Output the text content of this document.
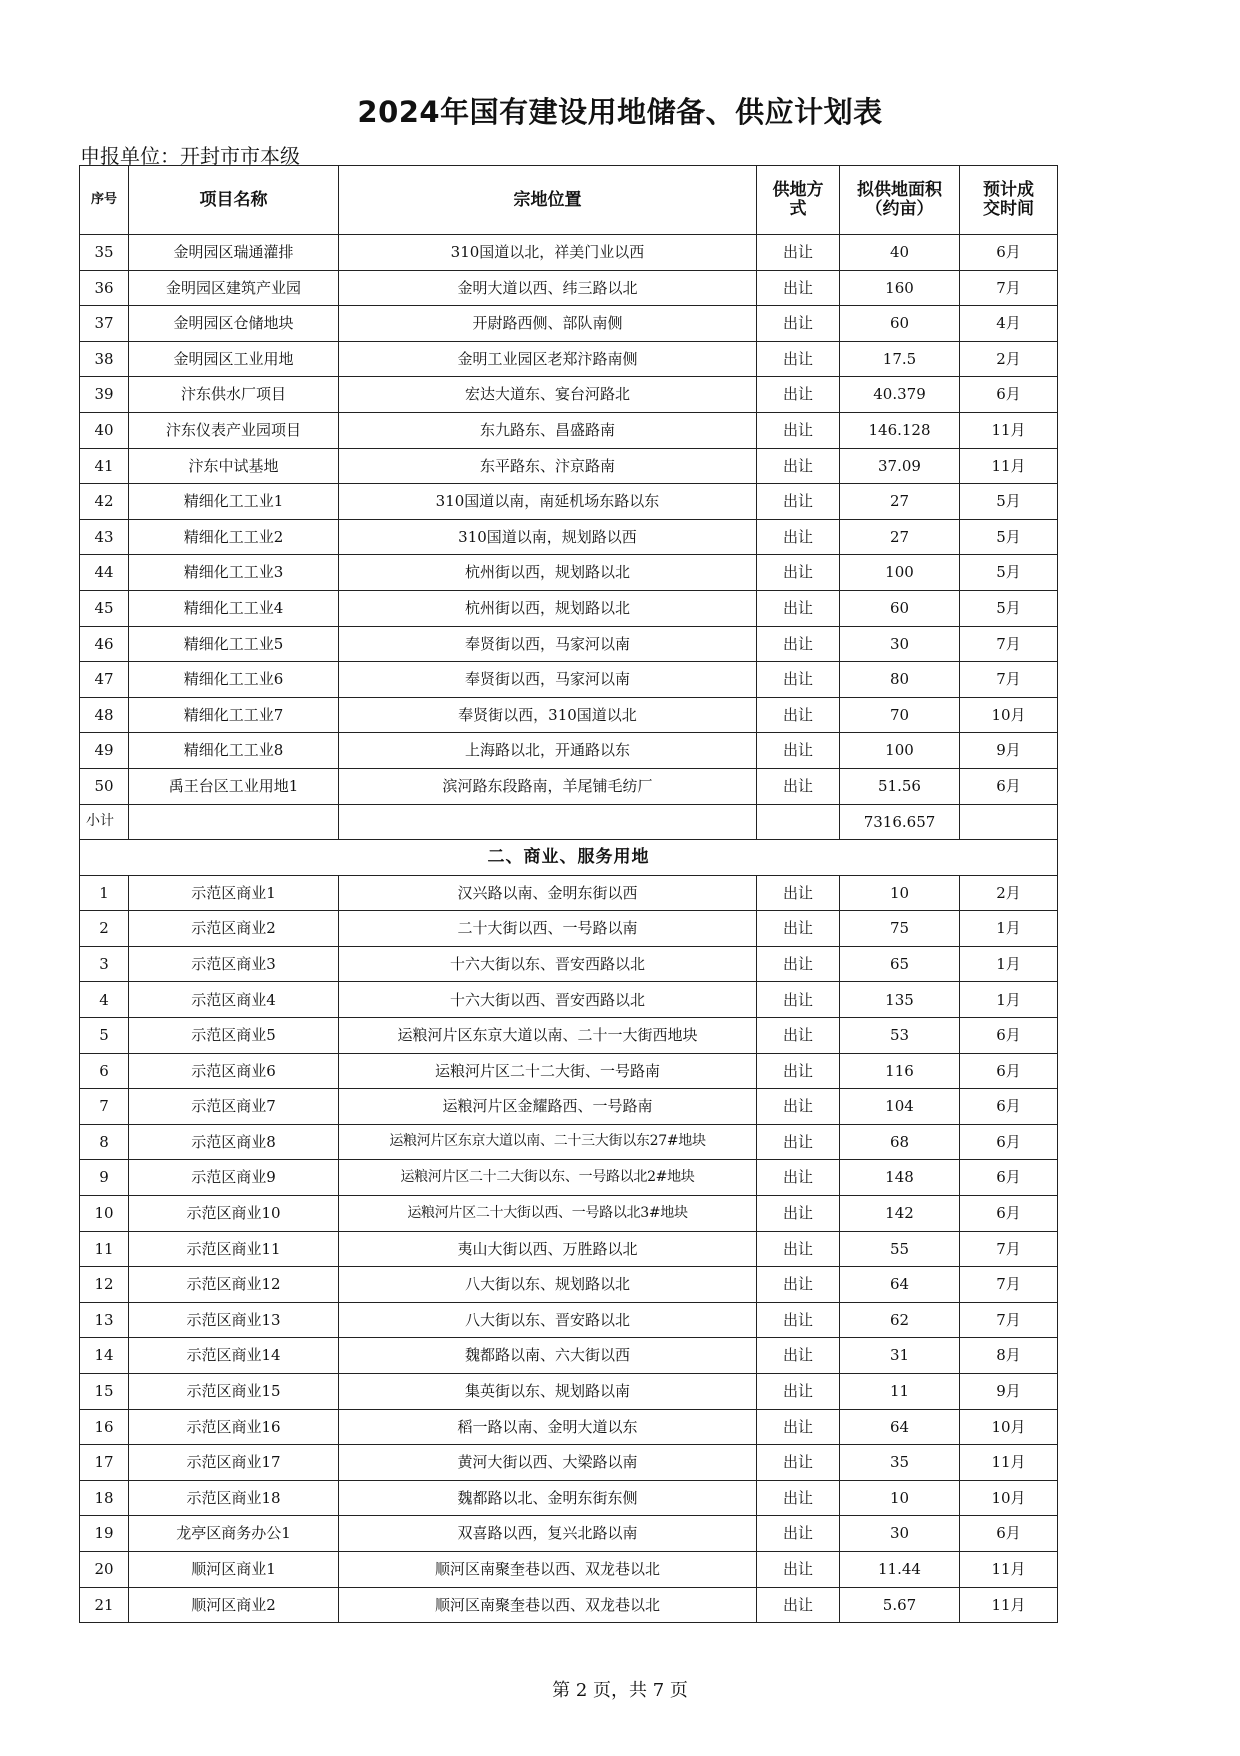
2024年国有建设用地储备、供应计划表
申报单位：开封市市本级
序号	项目名称	宗地位置	供地方式	拟供地面积（约亩）	预计成交时间
35	金明园区瑞通灌排	310国道以北，祥美门业以西	出让	40	6月
36	金明园区建筑产业园	金明大道以西、纬三路以北	出让	160	7月
37	金明园区仓储地块	开尉路西侧、部队南侧	出让	60	4月
38	金明园区工业用地	金明工业园区老郑汴路南侧	出让	17.5	2月
39	汴东供水厂项目	宏达大道东、宴台河路北	出让	40.379	6月
40	汴东仪表产业园项目	东九路东、昌盛路南	出让	146.128	11月
41	汴东中试基地	东平路东、汴京路南	出让	37.09	11月
42	精细化工工业1	310国道以南，南延机场东路以东	出让	27	5月
43	精细化工工业2	310国道以南，规划路以西	出让	27	5月
44	精细化工工业3	杭州街以西，规划路以北	出让	100	5月
45	精细化工工业4	杭州街以西，规划路以北	出让	60	5月
46	精细化工工业5	奉贤街以西，马家河以南	出让	30	7月
47	精细化工工业6	奉贤街以西，马家河以南	出让	80	7月
48	精细化工工业7	奉贤街以西，310国道以北	出让	70	10月
49	精细化工工业8	上海路以北，开通路以东	出让	100	9月
50	禹王台区工业用地1	滨河路东段路南，羊尾铺毛纺厂	出让	51.56	6月
小计				7316.657	
二、商业、服务用地					
1	示范区商业1	汉兴路以南、金明东街以西	出让	10	2月
2	示范区商业2	二十大街以西、一号路以南	出让	75	1月
3	示范区商业3	十六大街以东、晋安西路以北	出让	65	1月
4	示范区商业4	十六大街以西、晋安西路以北	出让	135	1月
5	示范区商业5	运粮河片区东京大道以南、二十一大街西地块	出让	53	6月
6	示范区商业6	运粮河片区二十二大街、一号路南	出让	116	6月
7	示范区商业7	运粮河片区金耀路西、一号路南	出让	104	6月
8	示范区商业8	运粮河片区东京大道以南、二十三大街以东27#地块	出让	68	6月
9	示范区商业9	运粮河片区二十二大街以东、一号路以北2#地块	出让	148	6月
10	示范区商业10	运粮河片区二十大街以西、一号路以北3#地块	出让	142	6月
11	示范区商业11	夷山大街以西、万胜路以北	出让	55	7月
12	示范区商业12	八大街以东、规划路以北	出让	64	7月
13	示范区商业13	八大街以东、晋安路以北	出让	62	7月
14	示范区商业14	魏都路以南、六大街以西	出让	31	8月
15	示范区商业15	集英街以东、规划路以南	出让	11	9月
16	示范区商业16	稻一路以南、金明大道以东	出让	64	10月
17	示范区商业17	黄河大街以西、大梁路以南	出让	35	11月
18	示范区商业18	魏都路以北、金明东街东侧	出让	10	10月
19	龙亭区商务办公1	双喜路以西，复兴北路以南	出让	30	6月
20	顺河区商业1	顺河区南聚奎巷以西、双龙巷以北	出让	11.44	11月
21	顺河区商业2	顺河区南聚奎巷以西、双龙巷以北	出让	5.67	11月
第 2 页，共 7 页
